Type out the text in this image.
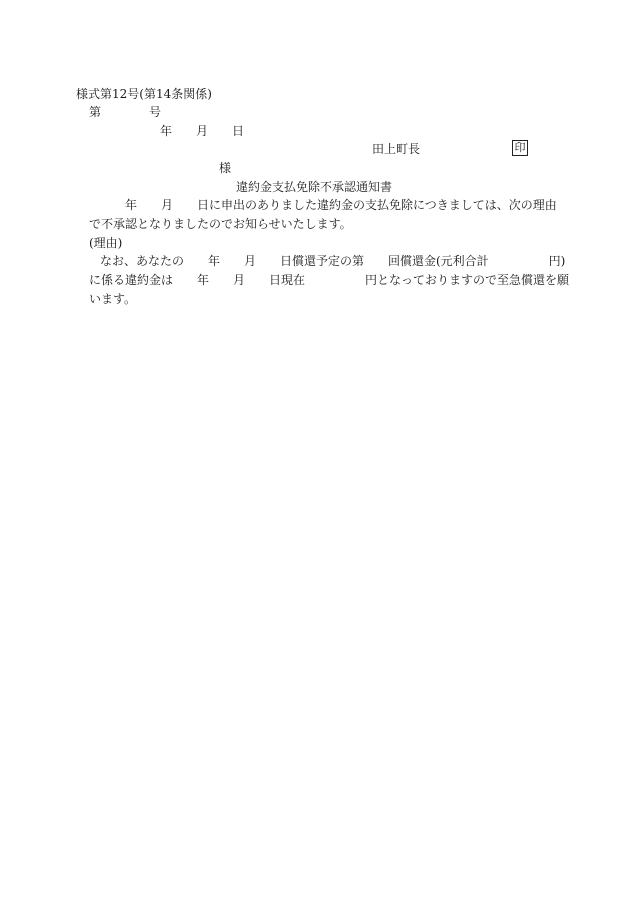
様式第12号(第14条関係)
第　　　　号
年　　月　　日
田上町長	印
様
違約金支払免除不承認通知書
年　　月　　日に申出のありました違約金の支払免除につきましては、次の理由
で不承認となりましたのでお知らせいたします。
(理由)
なお、あなたの　　年　　月　　日償還予定の第　　回償還金(元利合計　　　　　円)
に係る違約金は　　年　　月　　日現在　　　　　円となっておりますので至急償還を願
います。
